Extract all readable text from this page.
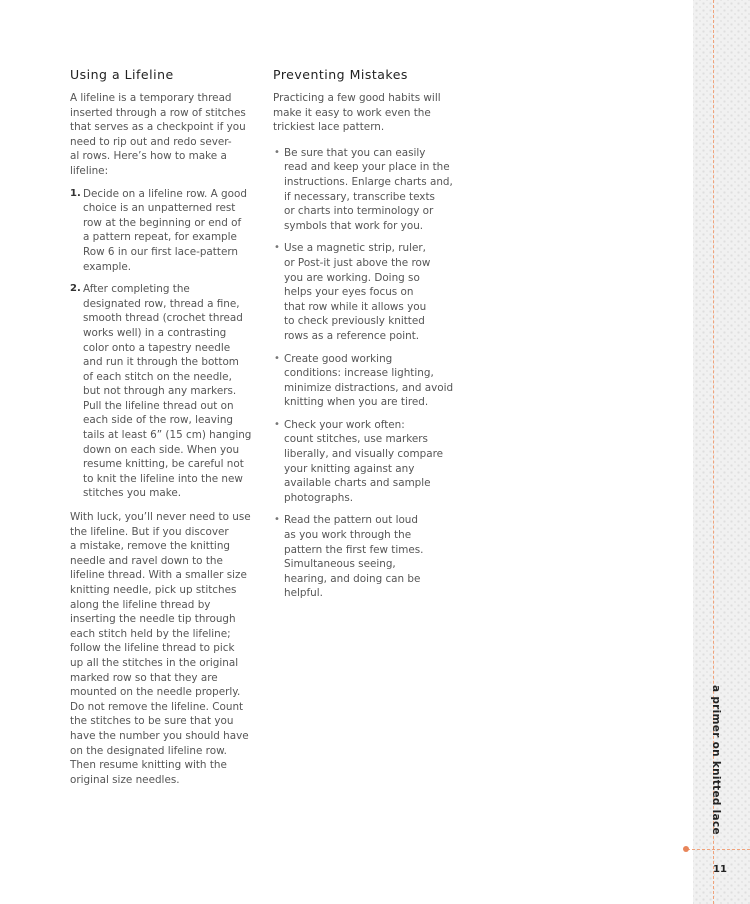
a primer on knitted lace
11
Using a Lifeline

A lifeline is a temporary thread
inserted through a row of stitches
that serves as a checkpoint if you
need to rip out and redo sever-
al rows. Here’s how to make a
lifeline:

1. Decide on a lifeline row. A good
choice is an unpatterned rest
row at the beginning or end of
a pattern repeat, for example
Row 6 in our first lace-pattern
example.
2. After completing the
designated row, thread a fine,
smooth thread (crochet thread
works well) in a contrasting
color onto a tapestry needle
and run it through the bottom
of each stitch on the needle,
but not through any markers.
Pull the lifeline thread out on
each side of the row, leaving
tails at least 6” (15 cm) hanging
down on each side. When you
resume knitting, be careful not
to knit the lifeline into the new
stitches you make.

With luck, you’ll never need to use
the lifeline. But if you discover
a mistake, remove the knitting
needle and ravel down to the
lifeline thread. With a smaller size
knitting needle, pick up stitches
along the lifeline thread by
inserting the needle tip through
each stitch held by the lifeline;
follow the lifeline thread to pick
up all the stitches in the original
marked row so that they are
mounted on the needle properly.
Do not remove the lifeline. Count
the stitches to be sure that you
have the number you should have
on the designated lifeline row.
Then resume knitting with the
original size needles.

Preventing Mistakes

Practicing a few good habits will
make it easy to work even the
trickiest lace pattern.

• Be sure that you can easily
read and keep your place in the
instructions. Enlarge charts and,
if necessary, transcribe texts
or charts into terminology or
symbols that work for you.
• Use a magnetic strip, ruler,
or Post-it just above the row
you are working. Doing so
helps your eyes focus on
that row while it allows you
to check previously knitted
rows as a reference point.
• Create good working
conditions: increase lighting,
minimize distractions, and avoid
knitting when you are tired.
• Check your work often:
count stitches, use markers
liberally, and visually compare
your knitting against any
available charts and sample
photographs.
• Read the pattern out loud
as you work through the
pattern the first few times.
Simultaneous seeing,
hearing, and doing can be
helpful.
